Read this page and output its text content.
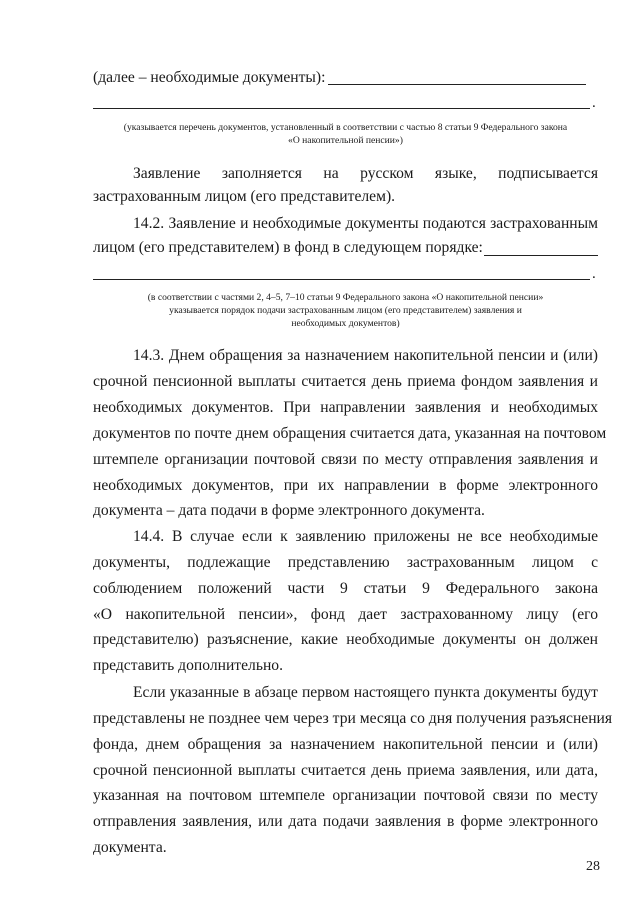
(далее – необходимые документы):
.
(указывается перечень документов, установленный в соответствии с частью 8 статьи 9 Федерального закона
«О накопительной пенсии»)
Заявление заполняется на русском языке, подписывается
застрахованным лицом (его представителем).
14.2. Заявление и необходимые документы подаются застрахованным
лицом (его представителем) в фонд в следующем порядке:
.
(в соответствии с частями 2, 4–5, 7–10 статьи 9 Федерального закона «О накопительной пенсии»
указывается порядок подачи застрахованным лицом (его представителем) заявления и
необходимых документов)
14.3. Днем обращения за назначением накопительной пенсии и (или)
срочной пенсионной выплаты считается день приема фондом заявления и
необходимых документов. При направлении заявления и необходимых
документов по почте днем обращения считается дата, указанная на почтовом
штемпеле организации почтовой связи по месту отправления заявления и
необходимых документов, при их направлении в форме электронного
документа – дата подачи в форме электронного документа.
14.4. В случае если к заявлению приложены не все необходимые
документы, подлежащие представлению застрахованным лицом с
соблюдением положений части 9 статьи 9 Федерального закона
«О накопительной пенсии», фонд дает застрахованному лицу (его
представителю) разъяснение, какие необходимые документы он должен
представить дополнительно.
Если указанные в абзаце первом настоящего пункта документы будут
представлены не позднее чем через три месяца со дня получения разъяснения
фонда, днем обращения за назначением накопительной пенсии и (или)
срочной пенсионной выплаты считается день приема заявления, или дата,
указанная на почтовом штемпеле организации почтовой связи по месту
отправления заявления, или дата подачи заявления в форме электронного
документа.
28
